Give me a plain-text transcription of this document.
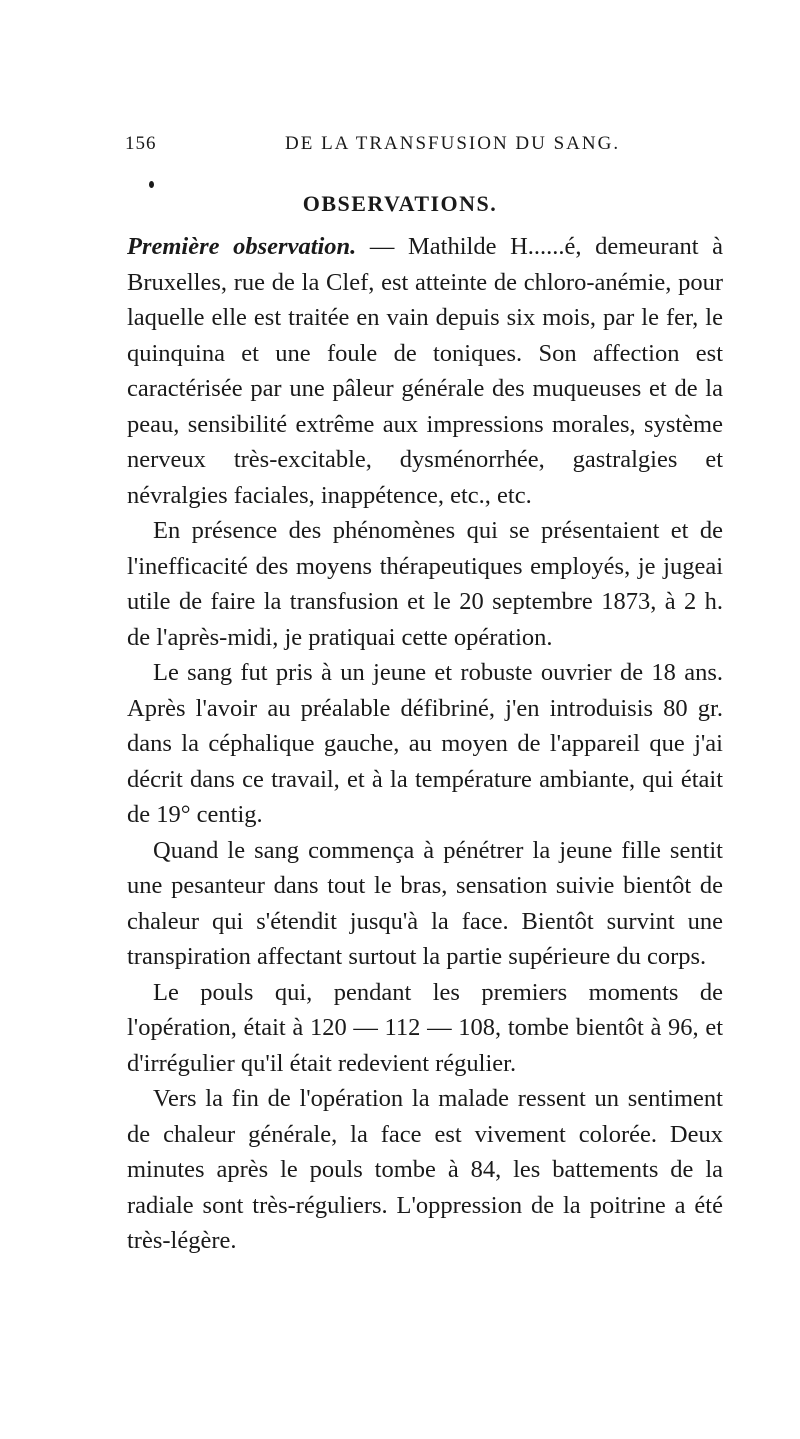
156	DE LA TRANSFUSION DU SANG.
OBSERVATIONS.

Première observation. — Mathilde H......é, demeurant à Bruxelles, rue de la Clef, est atteinte de chloro-anémie, pour laquelle elle est traitée en vain depuis six mois, par le fer, le quinquina et une foule de toniques. Son affection est caractérisée par une pâleur générale des muqueuses et de la peau, sensibilité extrême aux impressions morales, système nerveux très-excitable, dysménorrhée, gastralgies et névralgies faciales, inappétence, etc., etc.

En présence des phénomènes qui se présentaient et de l'inefficacité des moyens thérapeutiques employés, je jugeai utile de faire la transfusion et le 20 septembre 1873, à 2 h. de l'après-midi, je pratiquai cette opération.

Le sang fut pris à un jeune et robuste ouvrier de 18 ans. Après l'avoir au préalable défibriné, j'en introduisis 80 gr. dans la céphalique gauche, au moyen de l'appareil que j'ai décrit dans ce travail, et à la température ambiante, qui était de 19° centig.

Quand le sang commença à pénétrer la jeune fille sentit une pesanteur dans tout le bras, sensation suivie bientôt de chaleur qui s'étendit jusqu'à la face. Bientôt survint une transpiration affectant surtout la partie supérieure du corps.

Le pouls qui, pendant les premiers moments de l'opération, était à 120 — 112 — 108, tombe bientôt à 96, et d'irrégulier qu'il était redevient régulier.

Vers la fin de l'opération la malade ressent un sentiment de chaleur générale, la face est vivement colorée. Deux minutes après le pouls tombe à 84, les battements de la radiale sont très-réguliers. L'oppression de la poitrine a été très-légère.
